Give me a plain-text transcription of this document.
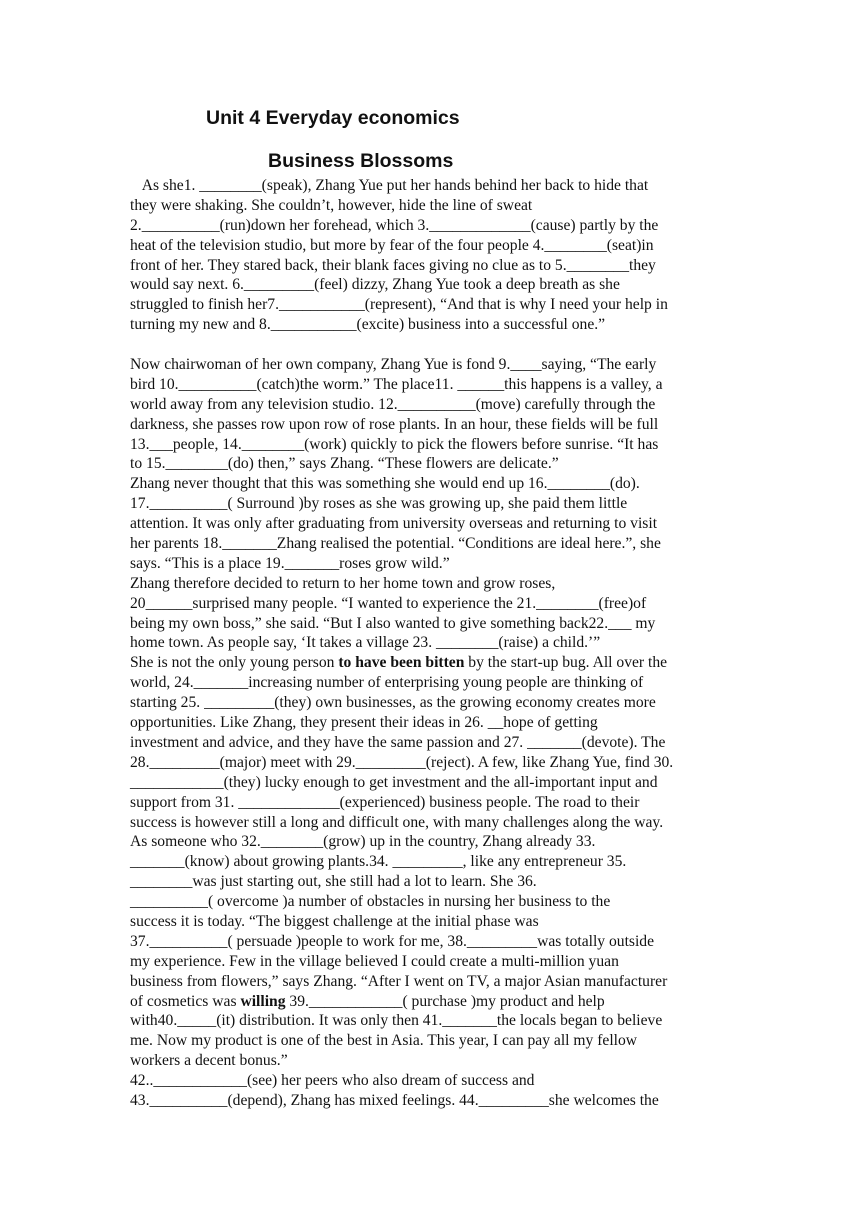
Unit 4 Everyday economics
Business Blossoms
As she1. ________(speak), Zhang Yue put her hands behind her back to hide that
they were shaking. She couldn’t, however, hide the line of sweat
2.__________(run)down her forehead, which 3._____________(cause) partly by the
heat of the television studio, but more by fear of the four people 4.________(seat)in
front of her. They stared back, their blank faces giving no clue as to 5.________they
would say next. 6._________(feel) dizzy, Zhang Yue took a deep breath as she
struggled to finish her7.___________(represent), “And that is why I need your help in
turning my new and 8.___________(excite) business into a successful one.”
Now chairwoman of her own company, Zhang Yue is fond 9.____saying, “The early
bird 10.__________(catch)the worm.” The place11. ______this happens is a valley, a
world away from any television studio. 12.__________(move) carefully through the
darkness, she passes row upon row of rose plants. In an hour, these fields will be full
13.___people, 14.________(work) quickly to pick the flowers before sunrise. “It has
to 15.________(do) then,” says Zhang. “These flowers are delicate.”
Zhang never thought that this was something she would end up 16.________(do).
17.__________( Surround )by roses as she was growing up, she paid them little
attention. It was only after graduating from university overseas and returning to visit
her parents 18._______Zhang realised the potential. “Conditions are ideal here.”, she
says. “This is a place 19._______roses grow wild.”
Zhang therefore decided to return to her home town and grow roses,
20______surprised many people. “I wanted to experience the 21.________(free)of
being my own boss,” she said. “But I also wanted to give something back22.___ my
home town. As people say, ‘It takes a village 23. ________(raise) a child.’”
She is not the only young person to have been bitten by the start-up bug. All over the
world, 24._______increasing number of enterprising young people are thinking of
starting 25. _________(they) own businesses, as the growing economy creates more
opportunities. Like Zhang, they present their ideas in 26. __hope of getting
investment and advice, and they have the same passion and 27. _______(devote). The
28._________(major) meet with 29._________(reject). A few, like Zhang Yue, find 30.
____________(they) lucky enough to get investment and the all-important input and
support from 31. _____________(experienced) business people. The road to their
success is however still a long and difficult one, with many challenges along the way.
As someone who 32.________(grow) up in the country, Zhang already 33.
_______(know) about growing plants.34. _________, like any entrepreneur 35.
________was just starting out, she still had a lot to learn. She 36.
__________( overcome )a number of obstacles in nursing her business to the
success it is today. “The biggest challenge at the initial phase was
37.__________( persuade )people to work for me, 38._________was totally outside
my experience. Few in the village believed I could create a multi-million yuan
business from flowers,” says Zhang. “After I went on TV, a major Asian manufacturer
of cosmetics was willing 39.____________( purchase )my product and help
with40._____(it) distribution. It was only then 41._______the locals began to believe
me. Now my product is one of the best in Asia. This year, I can pay all my fellow
workers a decent bonus.”
42..____________(see) her peers who also dream of success and
43.__________(depend), Zhang has mixed feelings. 44._________she welcomes the
